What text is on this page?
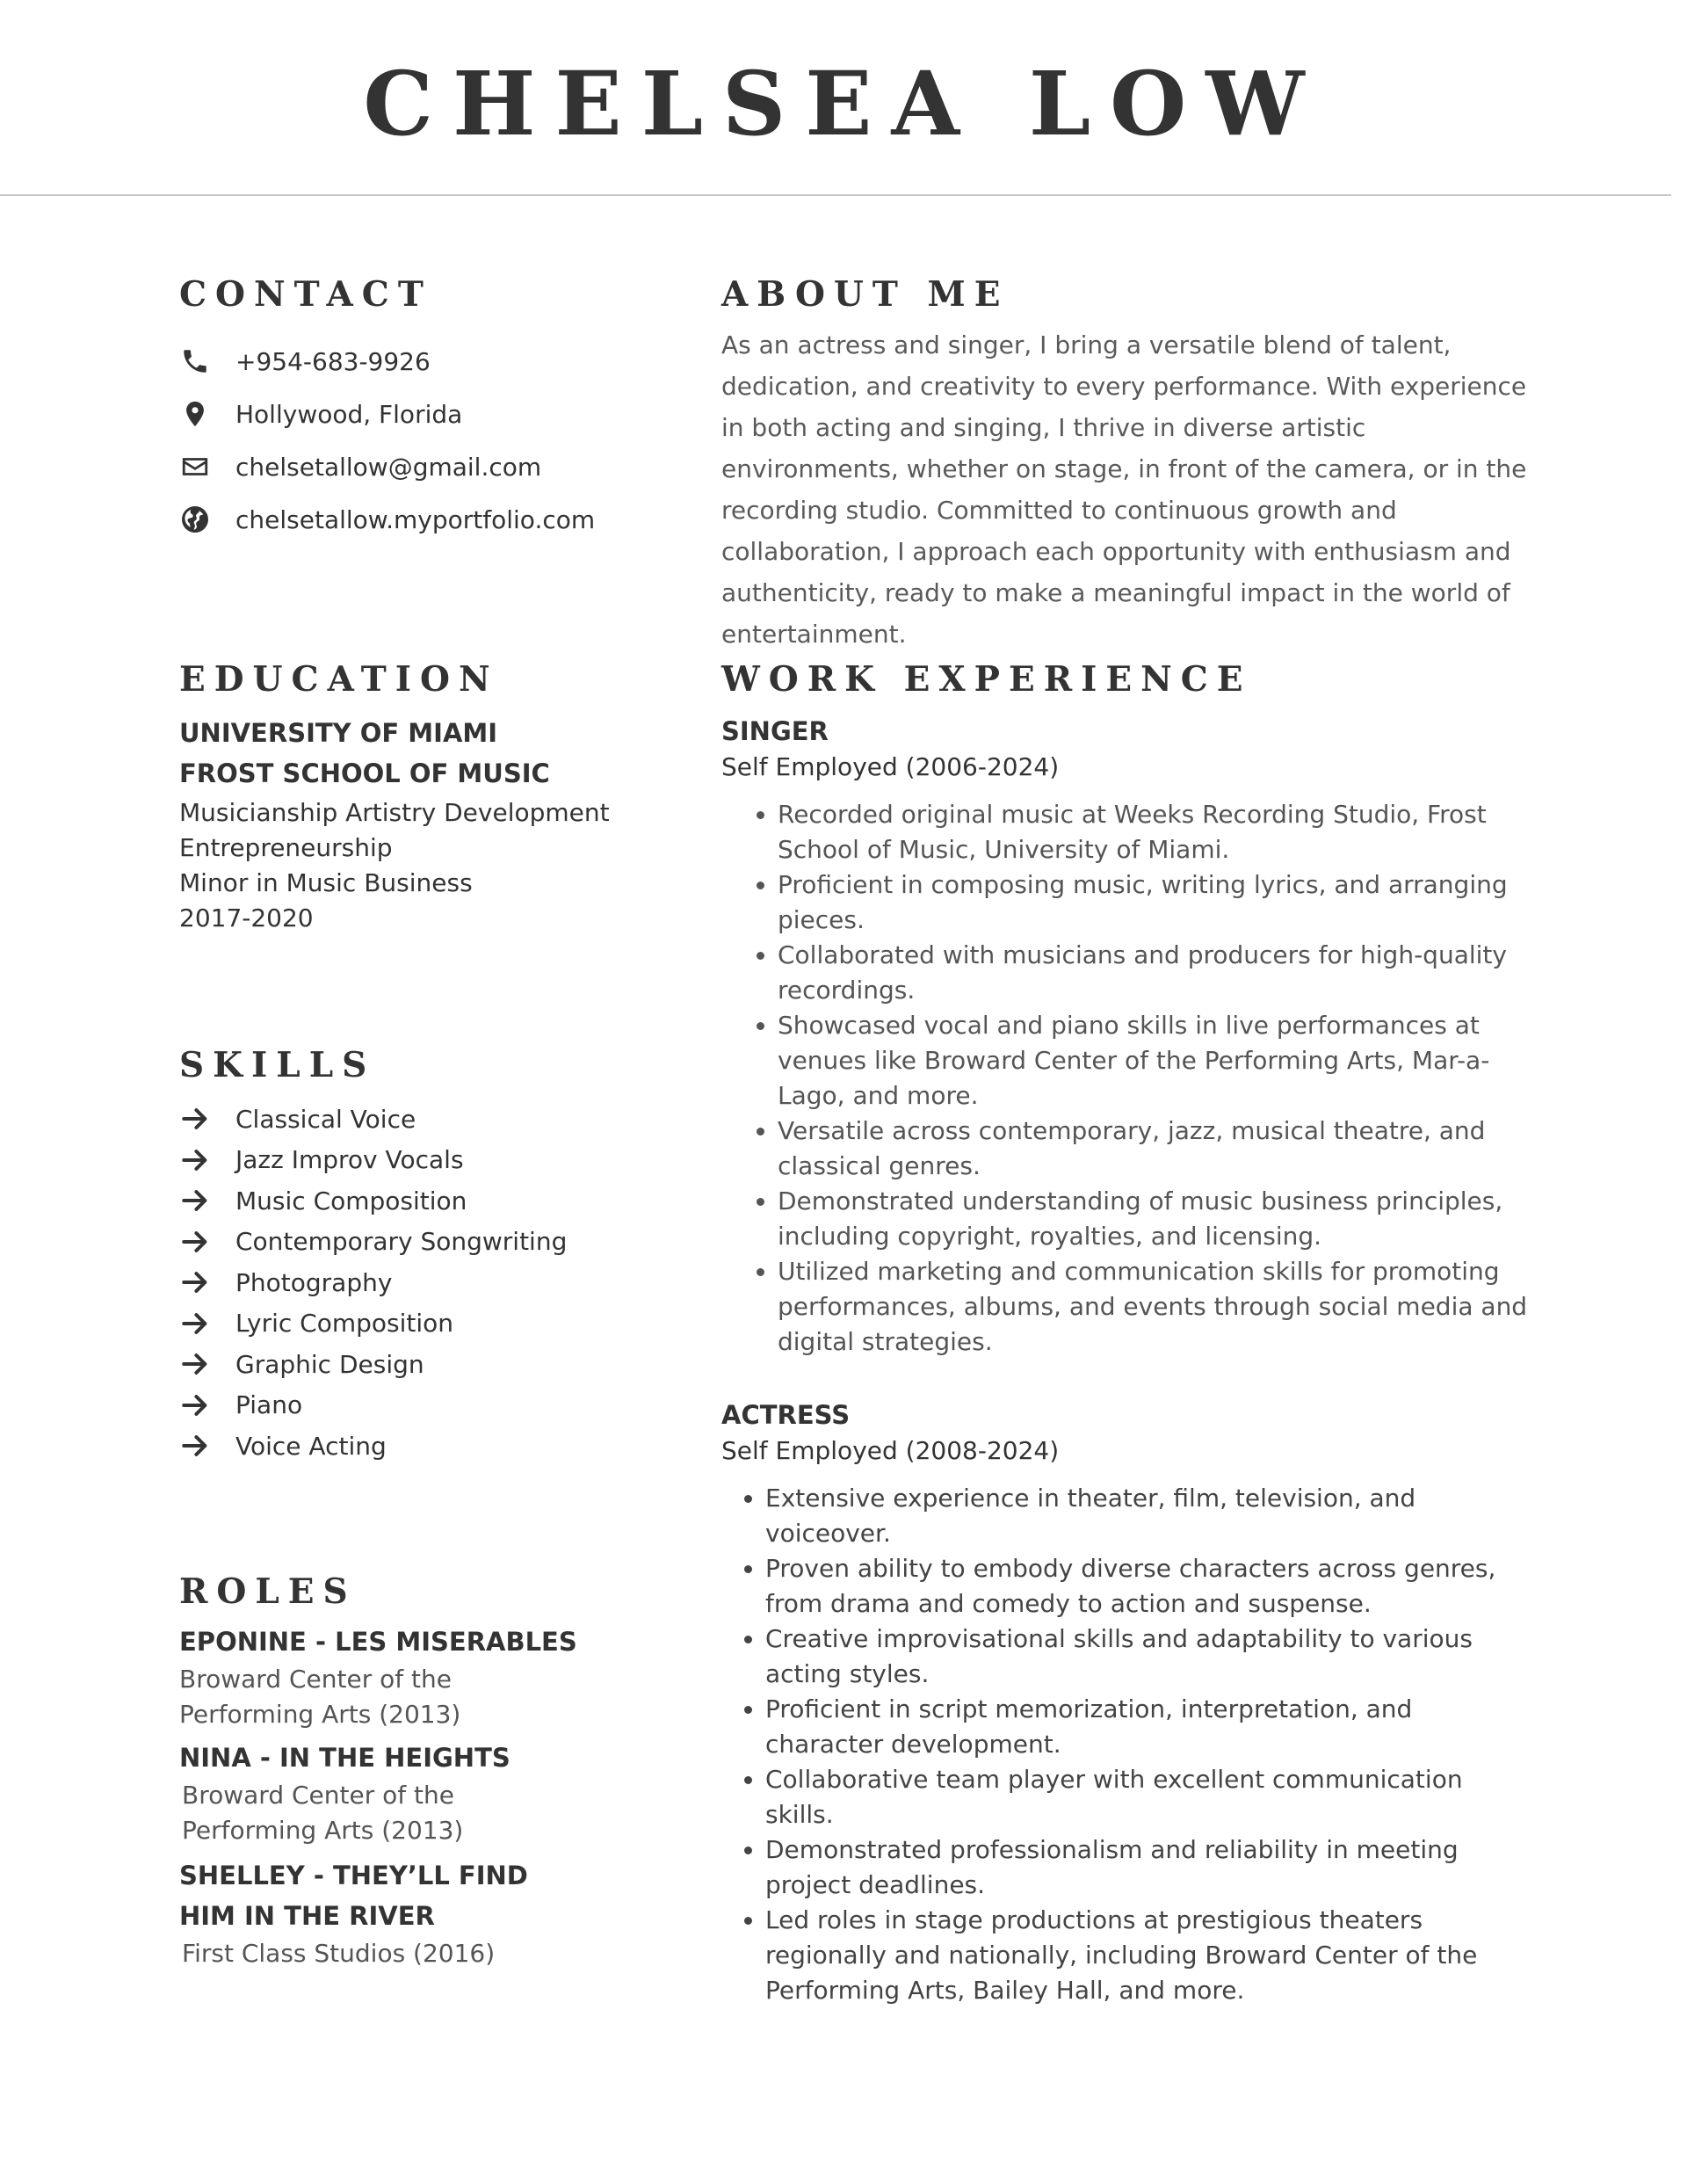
CHELSEA LOW
CONTACT
+954-683-9926
Hollywood, Florida
chelsetallow@gmail.com
chelsetallow.myportfolio.com
EDUCATION
UNIVERSITY OF MIAMI
FROST SCHOOL OF MUSIC
Musicianship Artistry Development
Entrepreneurship
Minor in Music Business
2017-2020
SKILLS
Classical Voice
Jazz Improv Vocals
Music Composition
Contemporary Songwriting
Photography
Lyric Composition
Graphic Design
Piano
Voice Acting
ROLES
EPONINE - LES MISERABLES
Broward Center of the
Performing Arts (2013)
NINA - IN THE HEIGHTS
Broward Center of the
Performing Arts (2013)
SHELLEY - THEY’LL FIND
HIM IN THE RIVER
First Class Studios (2016)
ABOUT ME
As an actress and singer, I bring a versatile blend of talent, dedication, and creativity to every performance. With experience in both acting and singing, I thrive in diverse artistic environments, whether on stage, in front of the camera, or in the recording studio. Committed to continuous growth and collaboration, I approach each opportunity with enthusiasm and authenticity, ready to make a meaningful impact in the world of entertainment.
WORK EXPERIENCE
SINGER
Self Employed (2006-2024)
• Recorded original music at Weeks Recording Studio, Frost School of Music, University of Miami.
• Proficient in composing music, writing lyrics, and arranging pieces.
• Collaborated with musicians and producers for high-quality recordings.
• Showcased vocal and piano skills in live performances at venues like Broward Center of the Performing Arts, Mar-a-Lago, and more.
• Versatile across contemporary, jazz, musical theatre, and classical genres.
• Demonstrated understanding of music business principles, including copyright, royalties, and licensing.
• Utilized marketing and communication skills for promoting performances, albums, and events through social media and digital strategies.
ACTRESS
Self Employed (2008-2024)
• Extensive experience in theater, film, television, and voiceover.
• Proven ability to embody diverse characters across genres, from drama and comedy to action and suspense.
• Creative improvisational skills and adaptability to various acting styles.
• Proficient in script memorization, interpretation, and character development.
• Collaborative team player with excellent communication skills.
• Demonstrated professionalism and reliability in meeting project deadlines.
• Led roles in stage productions at prestigious theaters regionally and nationally, including Broward Center of the Performing Arts, Bailey Hall, and more.
